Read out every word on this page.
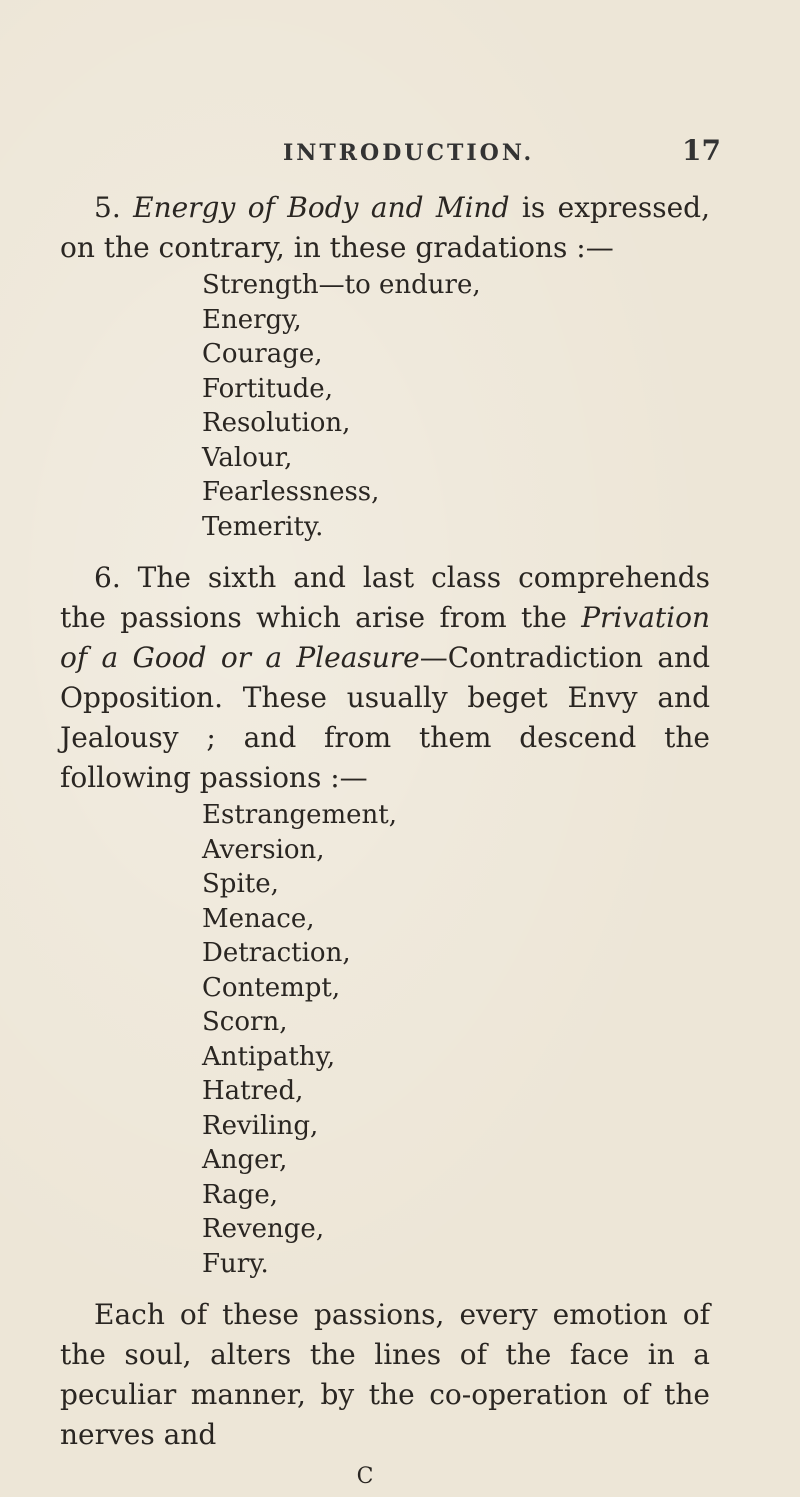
INTRODUCTION.	17

5. Energy of Body and Mind is expressed, on the contrary, in these gradations :—

Strength—to endure,
Energy,
Courage,
Fortitude,
Resolution,
Valour,
Fearlessness,
Temerity.

6. The sixth and last class comprehends the passions which arise from the Privation of a Good or a Pleasure—Contradiction and Opposition. These usually beget Envy and Jealousy ; and from them descend the following passions :—

Estrangement,
Aversion,
Spite,
Menace,
Detraction,
Contempt,
Scorn,
Antipathy,
Hatred,
Reviling,
Anger,
Rage,
Revenge,
Fury.

Each of these passions, every emotion of the soul, alters the lines of the face in a peculiar manner, by the co-operation of the nerves and

C
